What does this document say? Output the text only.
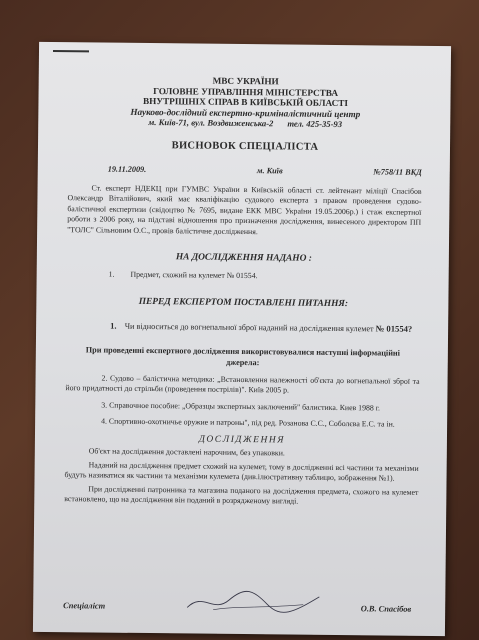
МВС УКРАЇНИ
ГОЛОВНЕ УПРАВЛІННЯ МІНІСТЕРСТВА
ВНУТРІШНІХ СПРАВ В КИЇВСЬКІЙ ОБЛАСТІ
Науково-дослідний експертно-криміналістичний центр
м. Київ-71, вул. Воздвиженська-2 тел. 425-35-93
ВИСНОВОК СПЕЦІАЛІСТА
19.11.2009.	м. Київ	№758/11 ВКД
Ст. експерт НДЕКЦ при ГУМВС України в Київській області ст. лейтенант міліції Спасібов Олександр Віталійович, який має кваліфікацію судового експерта з правом проведення судово-балістичної експертизи (свідоцтво № 7695, видане ЕКК МВС України 19.05.2006р.) і стаж експертної роботи з 2006 року, на підставі відношення про призначення дослідження, винесеного директором ПП "ТОЛС" Сільновим О.С., провів балістичне дослідження.
НА ДОСЛІДЖЕННЯ НАДАНО :
1. Предмет, схожий на кулемет № 01554.
ПЕРЕД ЕКСПЕРТОМ ПОСТАВЛЕНІ ПИТАННЯ:
1. Чи відноситься до вогнепальної зброї наданий на дослідження кулемет № 01554?
При проведенні експертного дослідження використовувалися наступні інформаційні джерела:
2. Судово – балістична методика: „Встановлення належності об'єкта до вогнепальної зброї та його придатності до стрільби (проведення пострілів)". Київ 2005 р.
3. Справочное пособие: „Образцы экспертных заключений" балистика. Киев 1988 г.
4. Спортивно-охотничье оружие и патроны", під ред. Розанова С.С., Соболєва Е.С. та ін.
ДОСЛІДЖЕННЯ
Об'єкт на дослідження доставлені нарочним, без упаковки.
Наданий на дослідження предмет схожий на кулемет, тому в дослідженні всі частини та механізми будуть називатися як частини та механізми кулемета (див.ілюстративну таблицю, зображення №1).
При дослідженні патронника та магазина поданого на дослідження предмета, схожого на кулемет встановлено, що на дослідження він поданий в розрядженому вигляді.
Спеціаліст	О.В. Спасібов
